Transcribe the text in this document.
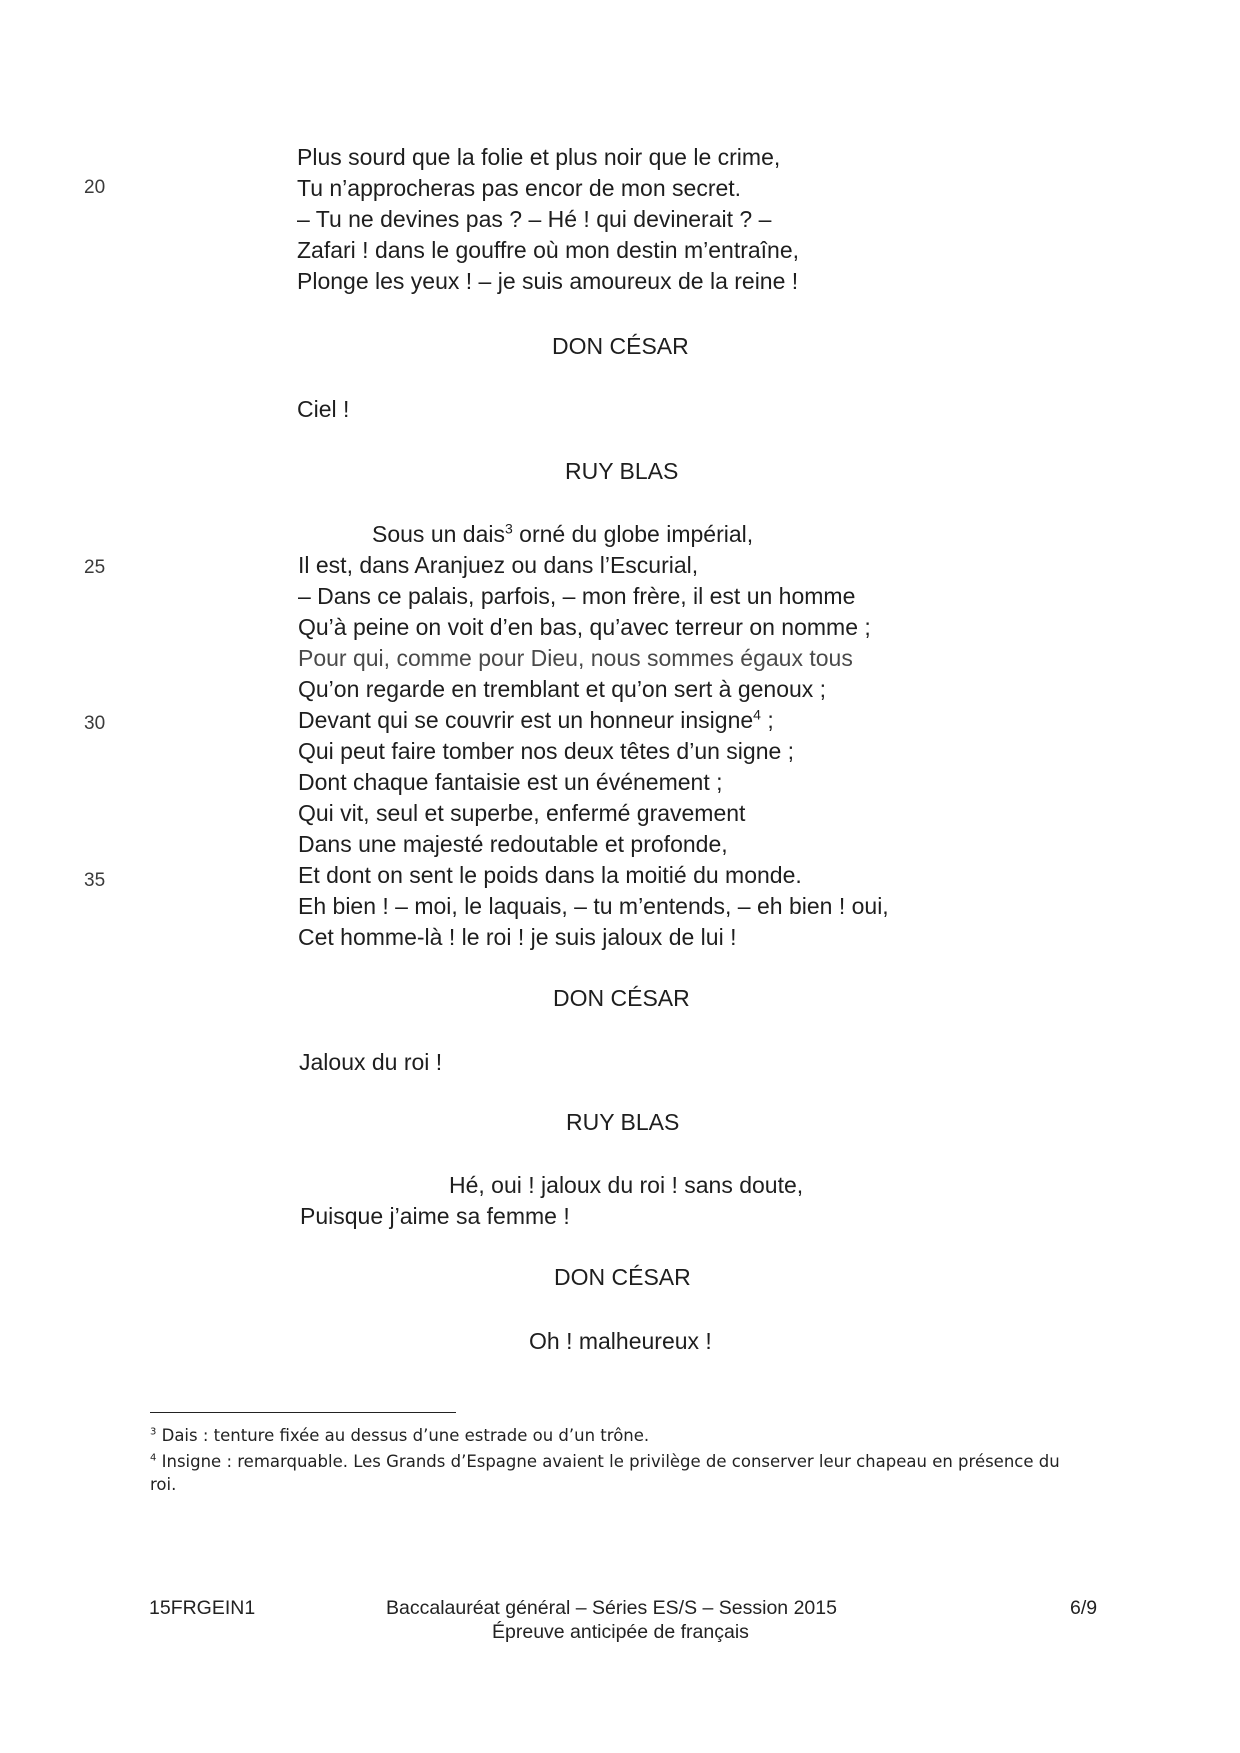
20
25
30
35
Plus sourd que la folie et plus noir que le crime,
Tu n’approcheras pas encor de mon secret.
– Tu ne devines pas ? – Hé ! qui devinerait ? –
Zafari ! dans le gouffre où mon destin m’entraîne,
Plonge les yeux ! – je suis amoureux de la reine !
DON CÉSAR
Ciel !
RUY BLAS
Sous un dais$^3$ orné du globe impérial,
Il est, dans Aranjuez ou dans l’Escurial,
– Dans ce palais, parfois, – mon frère, il est un homme
Qu’à peine on voit d’en bas, qu’avec terreur on nomme ;
Pour qui, comme pour Dieu, nous sommes égaux tous
Qu’on regarde en tremblant et qu’on sert à genoux ;
Devant qui se couvrir est un honneur insigne$^4$ ;
Qui peut faire tomber nos deux têtes d’un signe ;
Dont chaque fantaisie est un événement ;
Qui vit, seul et superbe, enfermé gravement
Dans une majesté redoutable et profonde,
Et dont on sent le poids dans la moitié du monde.
Eh bien ! – moi, le laquais, – tu m’entends, – eh bien ! oui,
Cet homme-là ! le roi ! je suis jaloux de lui !
DON CÉSAR
Jaloux du roi !
RUY BLAS
Hé, oui ! jaloux du roi ! sans doute,
Puisque j’aime sa femme !
DON CÉSAR
Oh ! malheureux !
$^3$ Dais : tenture fixée au dessus d’une estrade ou d’un trône.
$^4$ Insigne : remarquable. Les Grands d’Espagne avaient le privilège de conserver leur chapeau en présence du
roi.
15FRGEIN1	Baccalauréat général – Séries ES/S – Session 2015
Épreuve anticipée de français
6/9
